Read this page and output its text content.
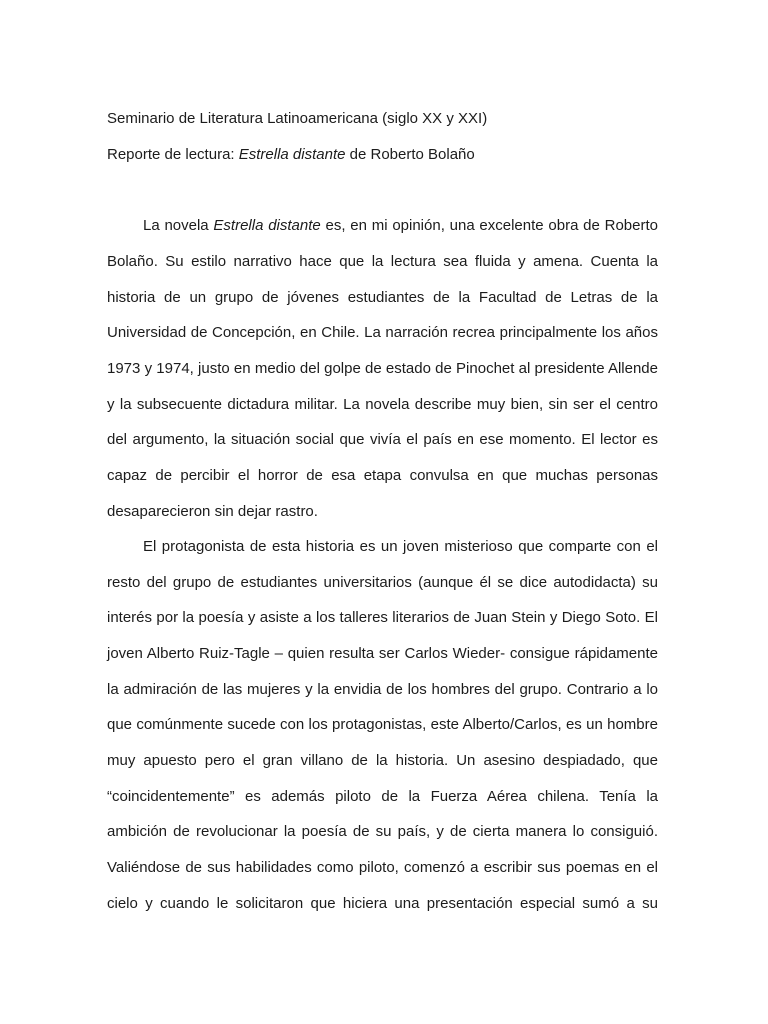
Seminario de Literatura Latinoamericana (siglo XX y XXI)

Reporte de lectura: Estrella distante de Roberto Bolaño

La novela Estrella distante es, en mi opinión, una excelente obra de Roberto

Bolaño. Su estilo narrativo hace que la lectura sea fluida y amena. Cuenta la

historia de un grupo de jóvenes estudiantes de la Facultad de Letras de la

Universidad de Concepción, en Chile. La narración recrea principalmente los años

1973 y 1974, justo en medio del golpe de estado de Pinochet al presidente Allende

y la subsecuente dictadura militar. La novela describe muy bien, sin ser el centro

del argumento, la situación social que vivía el país en ese momento. El lector es

capaz de percibir el horror de esa etapa convulsa en que muchas personas

desaparecieron sin dejar rastro.

El protagonista de esta historia es un joven misterioso que comparte con el

resto del grupo de estudiantes universitarios (aunque él se dice autodidacta) su

interés por la poesía y asiste a los talleres literarios de Juan Stein y Diego Soto. El

joven Alberto Ruiz-Tagle – quien resulta ser Carlos Wieder- consigue rápidamente

la admiración de las mujeres y la envidia de los hombres del grupo. Contrario a lo

que comúnmente sucede con los protagonistas, este Alberto/Carlos, es un hombre

muy apuesto pero el gran villano de la historia. Un asesino despiadado, que

“coincidentemente” es además piloto de la Fuerza Aérea chilena. Tenía la

ambición de revolucionar la poesía de su país, y de cierta manera lo consiguió.

Valiéndose de sus habilidades como piloto, comenzó a escribir sus poemas en el

cielo y cuando le solicitaron que hiciera una presentación especial sumó a su
